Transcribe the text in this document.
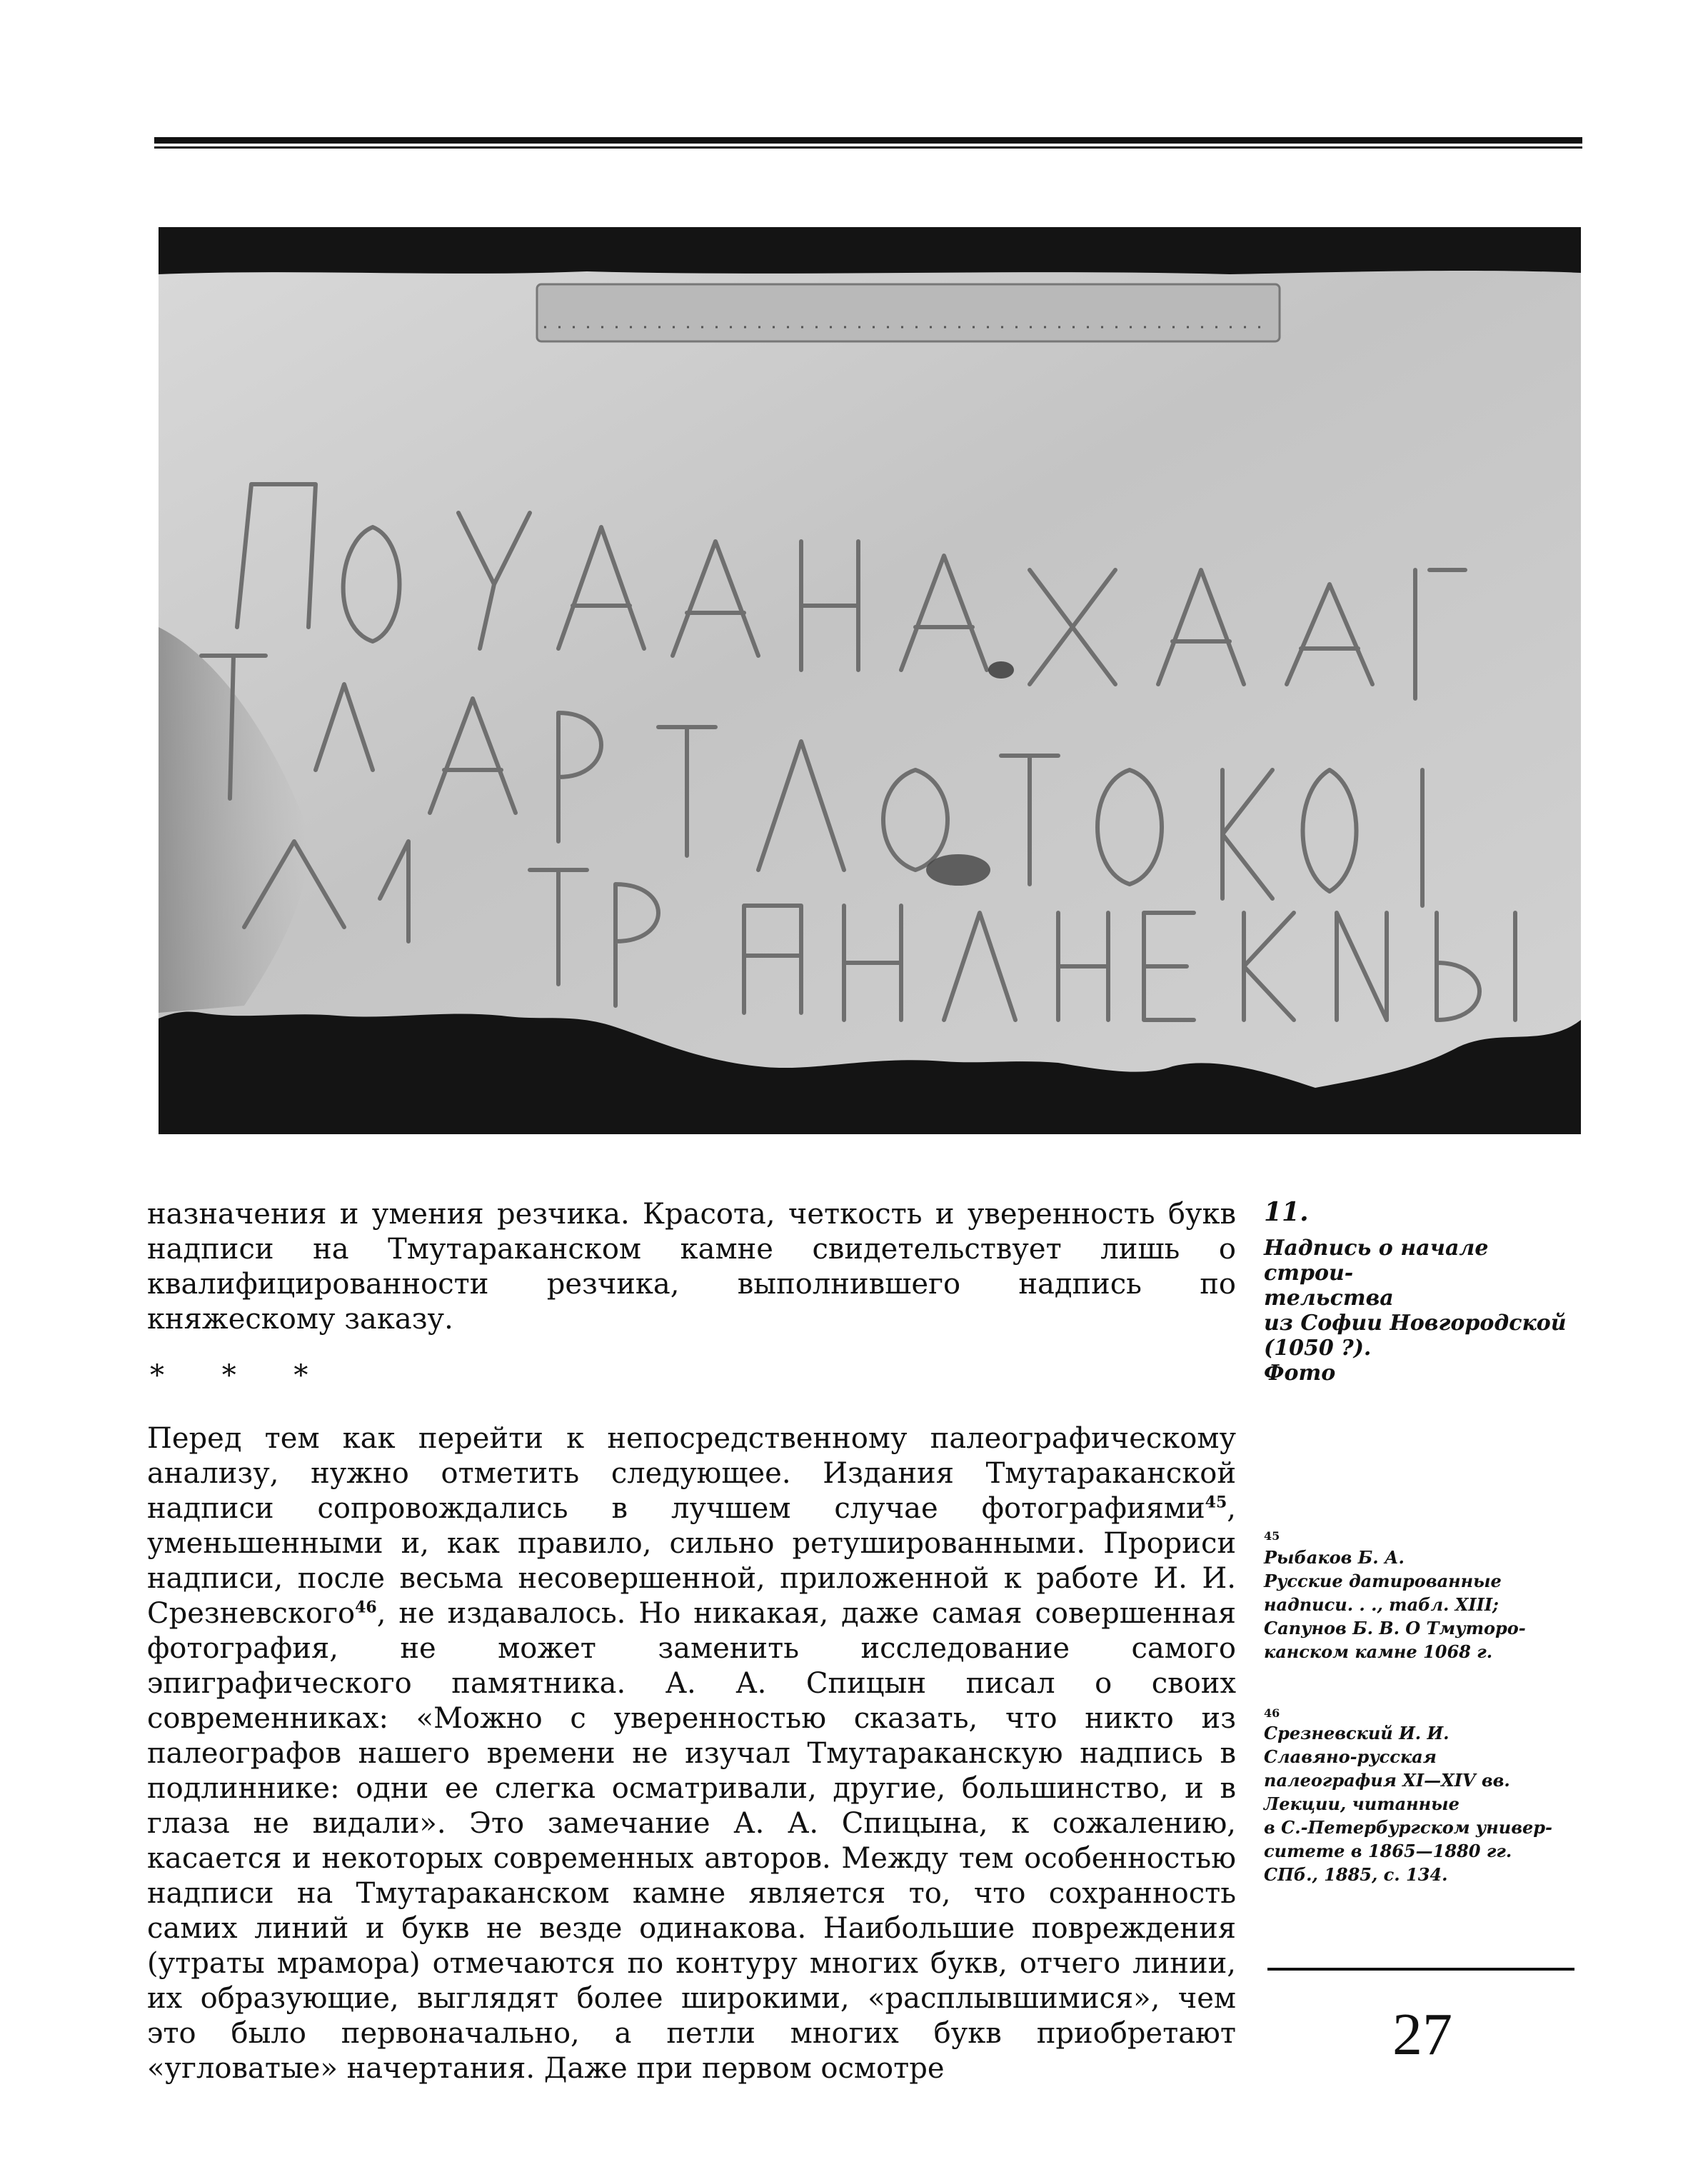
назначения и умения резчика. Красота, четкость и уверенность букв надписи на Тмутараканском камне свидетельствует лишь о квалифицированности резчика, выполнившего надпись по княжескому заказу.
* * *
Перед тем как перейти к непосредственному палеографическому анализу, нужно отметить следующее. Издания Тмутараканской надписи сопровождались в лучшем случае фотографиями$^{45}$, уменьшенными и, как правило, сильно ретушированными. Прориси надписи, после весьма несовершенной, приложенной к работе И. И. Срезневского$^{46}$, не издавалось. Но никакая, даже самая совершенная фотография, не может заменить исследование самого эпиграфического памятника. А. А. Спицын писал о своих современниках: «Можно с уверенностью сказать, что никто из палеографов нашего времени не изучал Тмутараканскую надпись в подлиннике: одни ее слегка осматривали, другие, большинство, и в глаза не видали». Это замечание А. А. Спицына, к сожалению, касается и некоторых современных авторов. Между тем особенностью надписи на Тмутараканском камне является то, что сохранность самих линий и букв не везде одинакова. Наибольшие повреждения (утраты мрамора) отмечаются по контуру многих букв, отчего линии, их образующие, выглядят более широкими, «расплывшимися», чем это было первоначально, а петли многих букв приобретают «угловатые» начертания. Даже при первом осмотре
11.
Надпись о начале строи-
тельства
из Софии Новгородской
(1050 ?).
Фото
45
Рыбаков Б. А.
Русские датированные
надписи. . ., табл. XIII;
Сапунов Б. В. О Тмуторо-
канском камне 1068 г.
46
Срезневский И. И.
Славяно-русская
палеография XI—XIV вв.
Лекции, читанные
в С.-Петербургском универ-
ситете в 1865—1880 гг.
СПб., 1885, с. 134.
27
